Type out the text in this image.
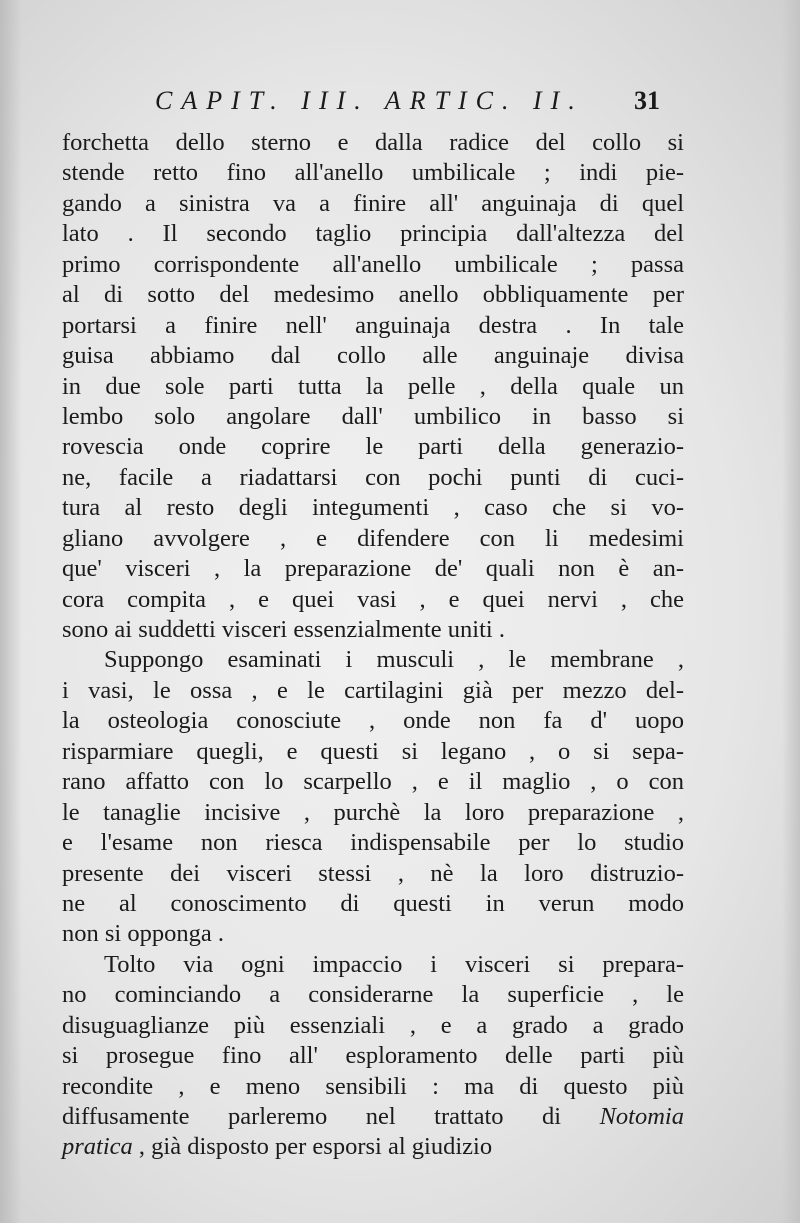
CAPIT. III. ARTIC. II. 31
forchetta dello sterno e dalla radice del collo si
stende retto fino all'anello umbilicale ; indi pie-
gando a sinistra va a finire all' anguinaja di quel
lato . Il secondo taglio principia dall'altezza del
primo corrispondente all'anello umbilicale ; passa
al di sotto del medesimo anello obbliquamente per
portarsi a finire nell' anguinaja destra . In tale
guisa abbiamo dal collo alle anguinaje divisa
in due sole parti tutta la pelle , della quale un
lembo solo angolare dall' umbilico in basso si
rovescia onde coprire le parti della generazio-
ne, facile a riadattarsi con pochi punti di cuci-
tura al resto degli integumenti , caso che si vo-
gliano avvolgere , e difendere con li medesimi
que' visceri , la preparazione de' quali non è an-
cora compita , e quei vasi , e quei nervi , che
sono ai suddetti visceri essenzialmente uniti .
Suppongo esaminati i musculi , le membrane ,
i vasi, le ossa , e le cartilagini già per mezzo del-
la osteologia conosciute , onde non fa d' uopo
risparmiare quegli, e questi si legano , o si sepa-
rano affatto con lo scarpello , e il maglio , o con
le tanaglie incisive , purchè la loro preparazione ,
e l'esame non riesca indispensabile per lo studio
presente dei visceri stessi , nè la loro distruzio-
ne al conoscimento di questi in verun modo
non si opponga .
Tolto via ogni impaccio i visceri si prepara-
no cominciando a considerarne la superficie , le
disuguaglianze più essenziali , e a grado a grado
si prosegue fino all' esploramento delle parti più
recondite , e meno sensibili : ma di questo più
diffusamente parleremo nel trattato di Notomia
pratica , già disposto per esporsi al giudizio
